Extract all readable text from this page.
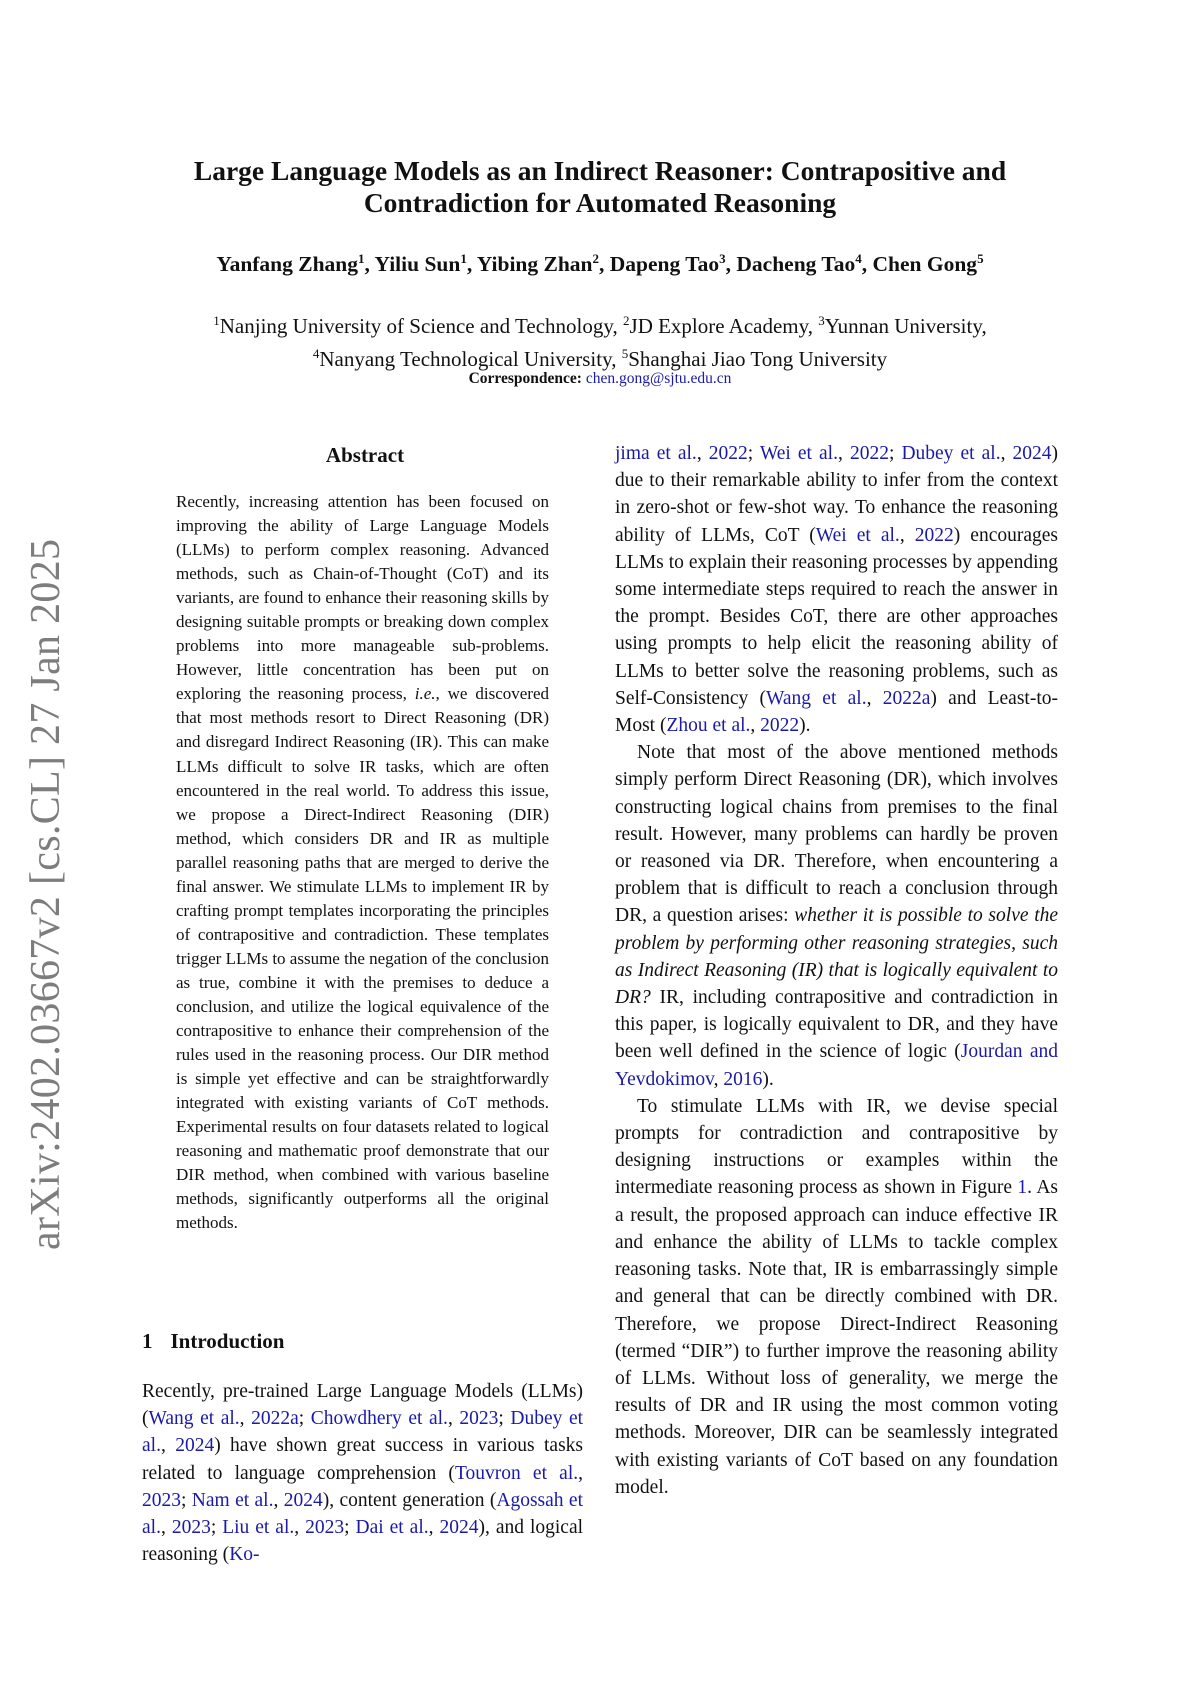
arXiv:2402.03667v2 [cs.CL] 27 Jan 2025
Large Language Models as an Indirect Reasoner: Contrapositive and Contradiction for Automated Reasoning
Yanfang Zhang$^1$, Yiliu Sun$^1$, Yibing Zhan$^2$, Dapeng Tao$^3$, Dacheng Tao$^4$, Chen Gong$^5$
$^1$Nanjing University of Science and Technology, $^2$JD Explore Academy, $^3$Yunnan University,
$^4$Nanyang Technological University, $^5$Shanghai Jiao Tong University
Correspondence: chen.gong@sjtu.edu.cn
Abstract
Recently, increasing attention has been focused on improving the ability of Large Language Models (LLMs) to perform complex reasoning. Advanced methods, such as Chain-of-Thought (CoT) and its variants, are found to enhance their reasoning skills by designing suitable prompts or breaking down complex problems into more manageable sub-problems. However, little concentration has been put on exploring the reasoning process, i.e., we discovered that most methods resort to Direct Reasoning (DR) and disregard Indirect Reasoning (IR). This can make LLMs difficult to solve IR tasks, which are often encountered in the real world. To address this issue, we propose a Direct-Indirect Reasoning (DIR) method, which considers DR and IR as multiple parallel reasoning paths that are merged to derive the final answer. We stimulate LLMs to implement IR by crafting prompt templates incorporating the principles of contrapositive and contradiction. These templates trigger LLMs to assume the negation of the conclusion as true, combine it with the premises to deduce a conclusion, and utilize the logical equivalence of the contrapositive to enhance their comprehension of the rules used in the reasoning process. Our DIR method is simple yet effective and can be straightforwardly integrated with existing variants of CoT methods. Experimental results on four datasets related to logical reasoning and mathematic proof demonstrate that our DIR method, when combined with various baseline methods, significantly outperforms all the original methods.
1 Introduction

Recently, pre-trained Large Language Models (LLMs) (Wang et al., 2022a; Chowdhery et al., 2023; Dubey et al., 2024) have shown great success in various tasks related to language comprehension (Touvron et al., 2023; Nam et al., 2024), content generation (Agossah et al., 2023; Liu et al., 2023; Dai et al., 2024), and logical reasoning (Ko-

jima et al., 2022; Wei et al., 2022; Dubey et al., 2024) due to their remarkable ability to infer from the context in zero-shot or few-shot way. To enhance the reasoning ability of LLMs, CoT (Wei et al., 2022) encourages LLMs to explain their reasoning processes by appending some intermediate steps required to reach the answer in the prompt. Besides CoT, there are other approaches using prompts to help elicit the reasoning ability of LLMs to better solve the reasoning problems, such as Self-Consistency (Wang et al., 2022a) and Least-to-Most (Zhou et al., 2022).

Note that most of the above mentioned methods simply perform Direct Reasoning (DR), which involves constructing logical chains from premises to the final result. However, many problems can hardly be proven or reasoned via DR. Therefore, when encountering a problem that is difficult to reach a conclusion through DR, a question arises: whether it is possible to solve the problem by performing other reasoning strategies, such as Indirect Reasoning (IR) that is logically equivalent to DR? IR, including contrapositive and contradiction in this paper, is logically equivalent to DR, and they have been well defined in the science of logic (Jourdan and Yevdokimov, 2016).

To stimulate LLMs with IR, we devise special prompts for contradiction and contrapositive by designing instructions or examples within the intermediate reasoning process as shown in Figure 1. As a result, the proposed approach can induce effective IR and enhance the ability of LLMs to tackle complex reasoning tasks. Note that, IR is embarrassingly simple and general that can be directly combined with DR. Therefore, we propose Direct-Indirect Reasoning (termed “DIR”) to further improve the reasoning ability of LLMs. Without loss of generality, we merge the results of DR and IR using the most common voting methods. Moreover, DIR can be seamlessly integrated with existing variants of CoT based on any foundation model.
